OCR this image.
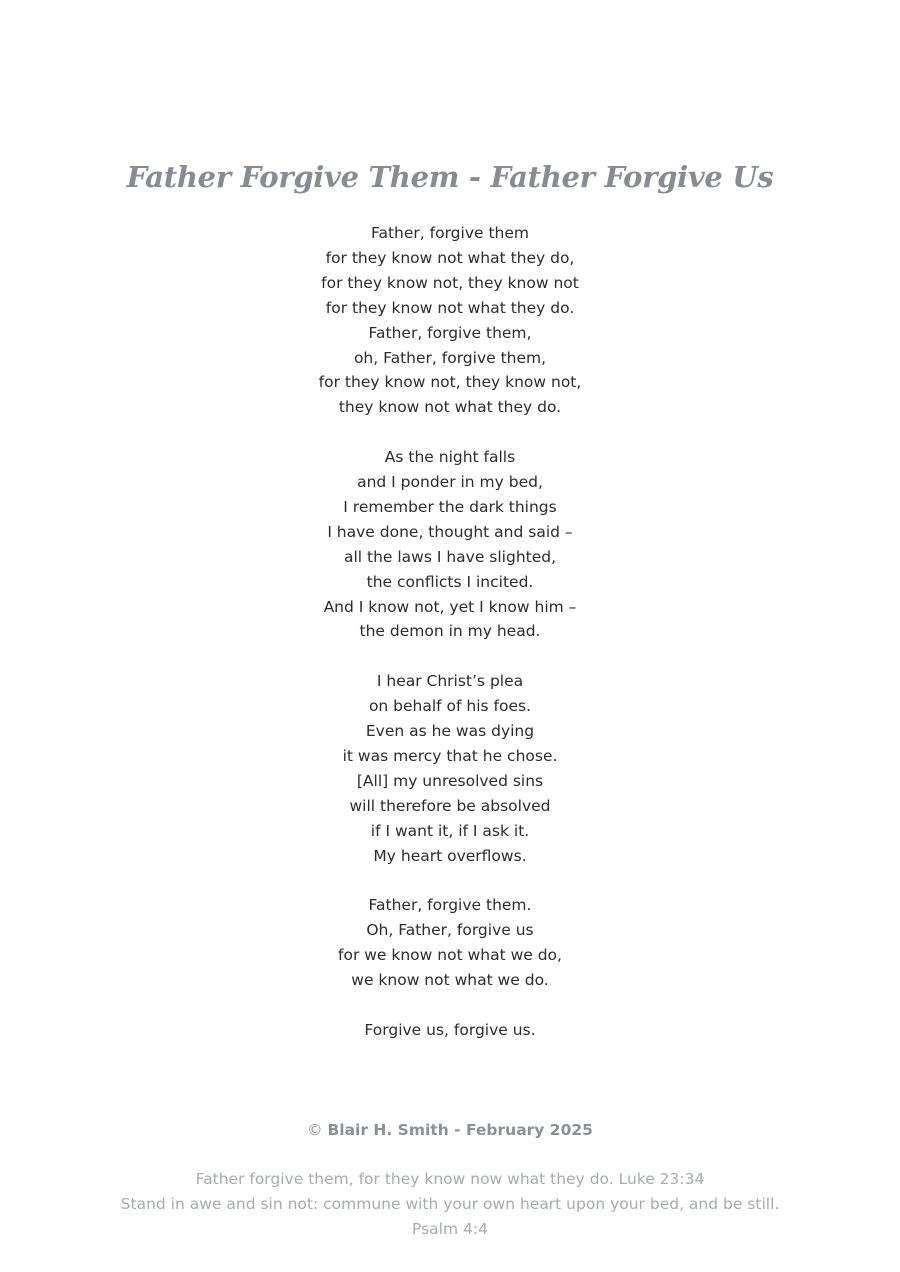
Father Forgive Them - Father Forgive Us
Father, forgive them
for they know not what they do,
for they know not, they know not
for they know not what they do.
Father, forgive them,
oh, Father, forgive them,
for they know not, they know not,
they know not what they do.
As the night falls
and I ponder in my bed,
I remember the dark things
I have done, thought and said –
all the laws I have slighted,
the conflicts I incited.
And I know not, yet I know him –
the demon in my head.
I hear Christ’s plea
on behalf of his foes.
Even as he was dying
it was mercy that he chose.
[All] my unresolved sins
will therefore be absolved
if I want it, if I ask it.
My heart overflows.
Father, forgive them.
Oh, Father, forgive us
for we know not what we do,
we know not what we do.
Forgive us, forgive us.
© Blair H. Smith - February 2025
Father forgive them, for they know now what they do. Luke 23:34
Stand in awe and sin not: commune with your own heart upon your bed, and be still.
Psalm 4:4
